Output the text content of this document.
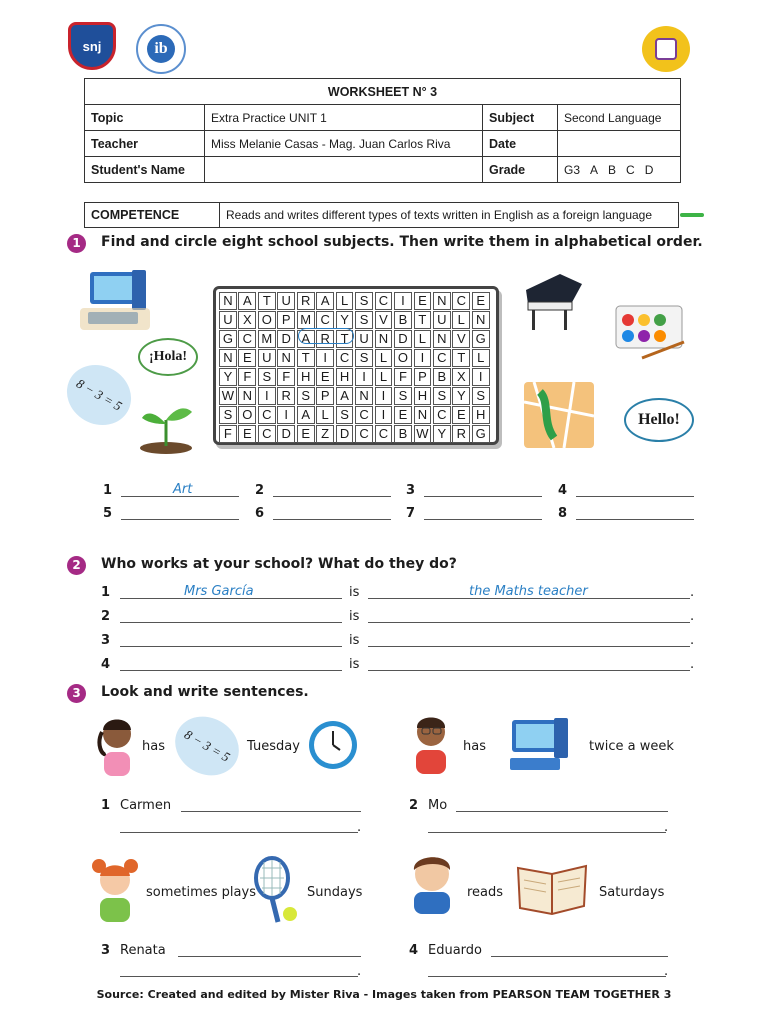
snj	ib
WORKSHEET N° 3			
Topic	Extra Practice UNIT 1	Subject	Second Language
Teacher	Miss Melanie Casas - Mag. Juan Carlos Riva	Date	
Student's Name		Grade	G3 A B C D
COMPETENCE	Reads and writes different types of texts written in English as a foreign language
1	Find and circle eight school subjects. Then write them in alphabetical order.
¡Hola!
8 − 3 = 5
Hello!
N A T U R A L S C I	E N C E
U X O P M C Y S V B T U L N
G C M D A R T U N D L N V G
N E U N T	I C S L O I C T L
Y F S F H E H I	L F P B X	I
W N I R S P A N I	S H S Y S
S O C I	A L S C I	E N C E H
F E C D E Z D C C B W Y R G
1	Art	2	3	4
5	6	7	8
2	Who works at your school? What do they do?
1	Mrs García	is	the Maths teacher	.
2	is	.
3	is	.
4	is	.
3	Look and write sentences.
has	8 − 3 = 5	Tuesday
1 Carmen
.
has	twice a week
2 Mo
.
sometimes plays	Sundays
3 Renata
.
reads	Saturdays
4 Eduardo
.
Source: Created and edited by Mister Riva - Images taken from PEARSON TEAM TOGETHER 3
